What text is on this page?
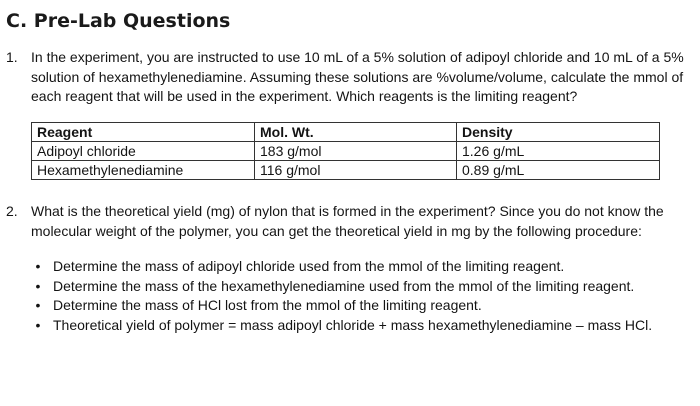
C. Pre-Lab Questions
1. In the experiment, you are instructed to use 10 mL of a 5% solution of adipoyl chloride and 10 mL of a 5% solution of hexamethylenediamine. Assuming these solutions are %volume/volume, calculate the mmol of each reagent that will be used in the experiment. Which reagents is the limiting reagent?

Reagent	Mol. Wt.	Density
Adipoyl chloride	183 g/mol	1.26 g/mL
Hexamethylenediamine	116 g/mol	0.89 g/mL
2. What is the theoretical yield (mg) of nylon that is formed in the experiment? Since you do not know the molecular weight of the polymer, you can get the theoretical yield in mg by the following procedure:

• Determine the mass of adipoyl chloride used from the mmol of the limiting reagent.
• Determine the mass of the hexamethylenediamine used from the mmol of the limiting reagent.
• Determine the mass of HCl lost from the mmol of the limiting reagent.
• Theoretical yield of polymer = mass adipoyl chloride + mass hexamethylenediamine – mass HCl.
